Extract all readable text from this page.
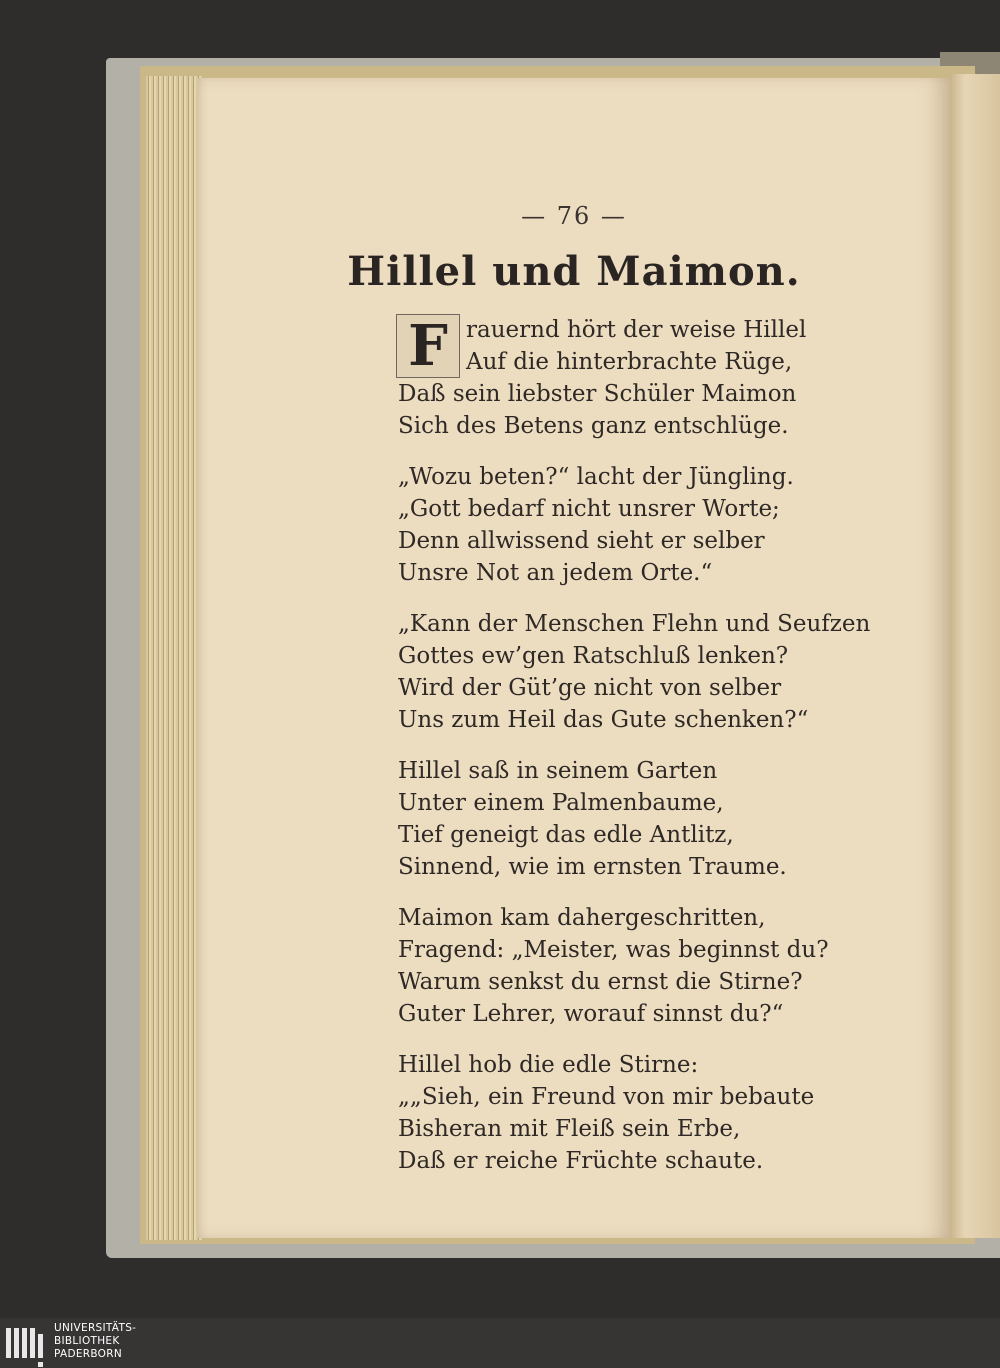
— 76 —
Hillel und Maimon.
F rauernd hört der weise Hillel
Auf die hinterbrachte Rüge,
Daß sein liebster Schüler Maimon
Sich des Betens ganz entschlüge.
„Wozu beten?“ lacht der Jüngling.
„Gott bedarf nicht unsrer Worte;
Denn allwissend sieht er selber
Unsre Not an jedem Orte.“
„Kann der Menschen Flehn und Seufzen
Gottes ew’gen Ratschluß lenken?
Wird der Güt’ge nicht von selber
Uns zum Heil das Gute schenken?“
Hillel saß in seinem Garten
Unter einem Palmenbaume,
Tief geneigt das edle Antlitz,
Sinnend, wie im ernsten Traume.
Maimon kam dahergeschritten,
Fragend: „Meister, was beginnst du?
Warum senkst du ernst die Stirne?
Guter Lehrer, worauf sinnst du?“
Hillel hob die edle Stirne:
„„Sieh, ein Freund von mir bebaute
Bisheran mit Fleiß sein Erbe,
Daß er reiche Früchte schaute.
UNIVERSITÄTS-
BIBLIOTHEK
PADERBORN
